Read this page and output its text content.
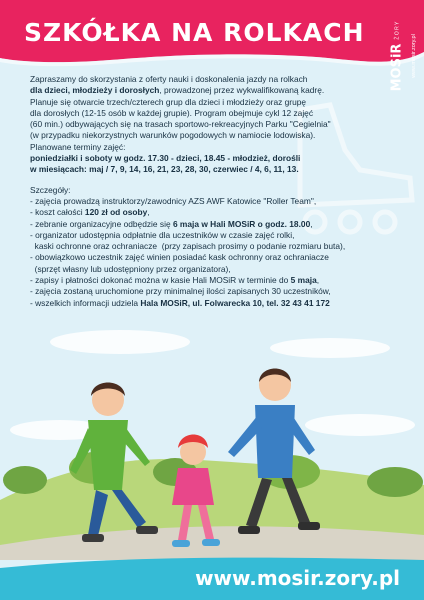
SZKÓŁKA NA ROLKACH
MOSiR
Ż O R Y
www.mosir.zory.pl

Zapraszamy do skorzystania z oferty nauki i doskonalenia jazdy na rolkach

dla dzieci, młodzieży i dorosłych, prowadzonej przez wykwalifikowaną kadrę.

Planuje się otwarcie trzech/czterech grup dla dzieci i młodzieży oraz grupę

dla dorosłych (12-15 osób w każdej grupie). Program obejmuje cykl 12 zajęć

(60 min.) odbywających się na trasach sportowo-rekreacyjnych Parku "Cegielnia"

(w przypadku niekorzystnych warunków pogodowych w namiocie lodowiska).

Planowane terminy zajęć:

poniedziałki i soboty w godz. 17.30 - dzieci, 18.45 - młodzież, dorośli

w miesiącach: maj / 7, 9, 14, 16, 21, 23, 28, 30, czerwiec / 4, 6, 11, 13.

Szczegóły:

- zajęcia prowadzą instruktorzy/zawodnicy AZS AWF Katowice "Roller Team",

- koszt całości 120 zł od osoby,

- zebranie organizacyjne odbędzie się 6 maja w Hali MOSiR o godz. 18.00,

- organizator udostępnia odpłatnie dla uczestników w czasie zajęć rolki,

kaski ochronne oraz ochraniacze  (przy zapisach prosimy o podanie rozmiaru buta),

- obowiązkowo uczestnik zajęć winien posiadać kask ochronny oraz ochraniacze

(sprzęt własny lub udostępniony przez organizatora),

- zapisy i płatności dokonać można w kasie Hali MOSiR w terminie do 5 maja,

- zajęcia zostaną uruchomione przy minimalnej ilości zapisanych 30 uczestników,

- wszelkich informacji udziela Hala MOSiR, ul. Folwarecka 10, tel. 32 43 41 172

www.mosir.zory.pl
